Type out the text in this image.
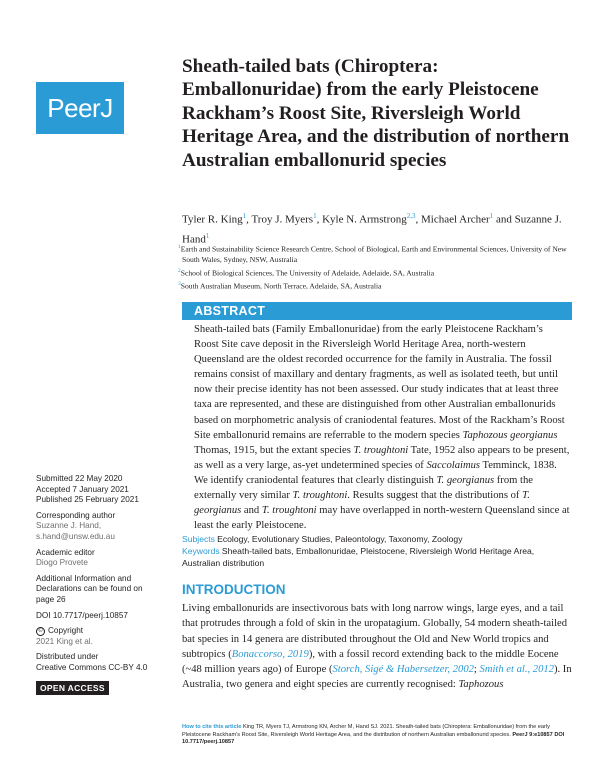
PeerJ
Sheath-tailed bats (Chiroptera: Emballonuridae) from the early Pleistocene Rackham’s Roost Site, Riversleigh World Heritage Area, and the distribution of northern Australian emballonurid species
Tyler R. King$^1$, Troy J. Myers$^1$, Kyle N. Armstrong$^{2,3}$, Michael Archer$^1$ and Suzanne J. Hand$^1$
$^1$Earth and Sustainability Science Research Centre, School of Biological, Earth and Environmental Sciences, University of New South Wales, Sydney, NSW, Australia
$^2$School of Biological Sciences, The University of Adelaide, Adelaide, SA, Australia
$^3$South Australian Museum, North Terrace, Adelaide, SA, Australia
ABSTRACT

Sheath-tailed bats (Family Emballonuridae) from the early Pleistocene Rackham’s Roost Site cave deposit in the Riversleigh World Heritage Area, north-western Queensland are the oldest recorded occurrence for the family in Australia. The fossil remains consist of maxillary and dentary fragments, as well as isolated teeth, but until now their precise identity has not been assessed. Our study indicates that at least three taxa are represented, and these are distinguished from other Australian emballonurids based on morphometric analysis of craniodental features. Most of the Rackham’s Roost Site emballonurid remains are referrable to the modern species Taphozous georgianus Thomas, 1915, but the extant species T. troughtoni Tate, 1952 also appears to be present, as well as a very large, as-yet undetermined species of Saccolaimus Temminck, 1838. We identify craniodental features that clearly distinguish T. georgianus from the externally very similar T. troughtoni. Results suggest that the distributions of T. georgianus and T. troughtoni may have overlapped in north-western Queensland since at least the early Pleistocene.

Subjects Ecology, Evolutionary Studies, Paleontology, Taxonomy, Zoology
Keywords Sheath-tailed bats, Emballonuridae, Pleistocene, Riversleigh World Heritage Area, Australian distribution
INTRODUCTION

Living emballonurids are insectivorous bats with long narrow wings, large eyes, and a tail that protrudes through a fold of skin in the uropatagium. Globally, 54 modern sheath-tailed bat species in 14 genera are distributed throughout the Old and New World tropics and subtropics (Bonaccorso, 2019), with a fossil record extending back to the middle Eocene (~48 million years ago) of Europe (Storch, Sigé & Habersetzer, 2002; Smith et al., 2012). In Australia, two genera and eight species are currently recognised: Taphozous

Submitted 22 May 2020
Accepted 7 January 2021
Published 25 February 2021
Corresponding author
Suzanne J. Hand,
s.hand@unsw.edu.au
Academic editor
Diogo Provete
Additional Information and Declarations can be found on page 26
DOI 10.7717/peerj.10857
© Copyright
2021 King et al.
Distributed under
Creative Commons CC-BY 4.0
OPEN ACCESS
How to cite this article King TR, Myers TJ, Armstrong KN, Archer M, Hand SJ. 2021. Sheath-tailed bats (Chiroptera: Emballonuridae) from the early Pleistocene Rackham’s Roost Site, Riversleigh World Heritage Area, and the distribution of northern Australian emballonurid species. PeerJ 9:e10857 DOI 10.7717/peerj.10857
